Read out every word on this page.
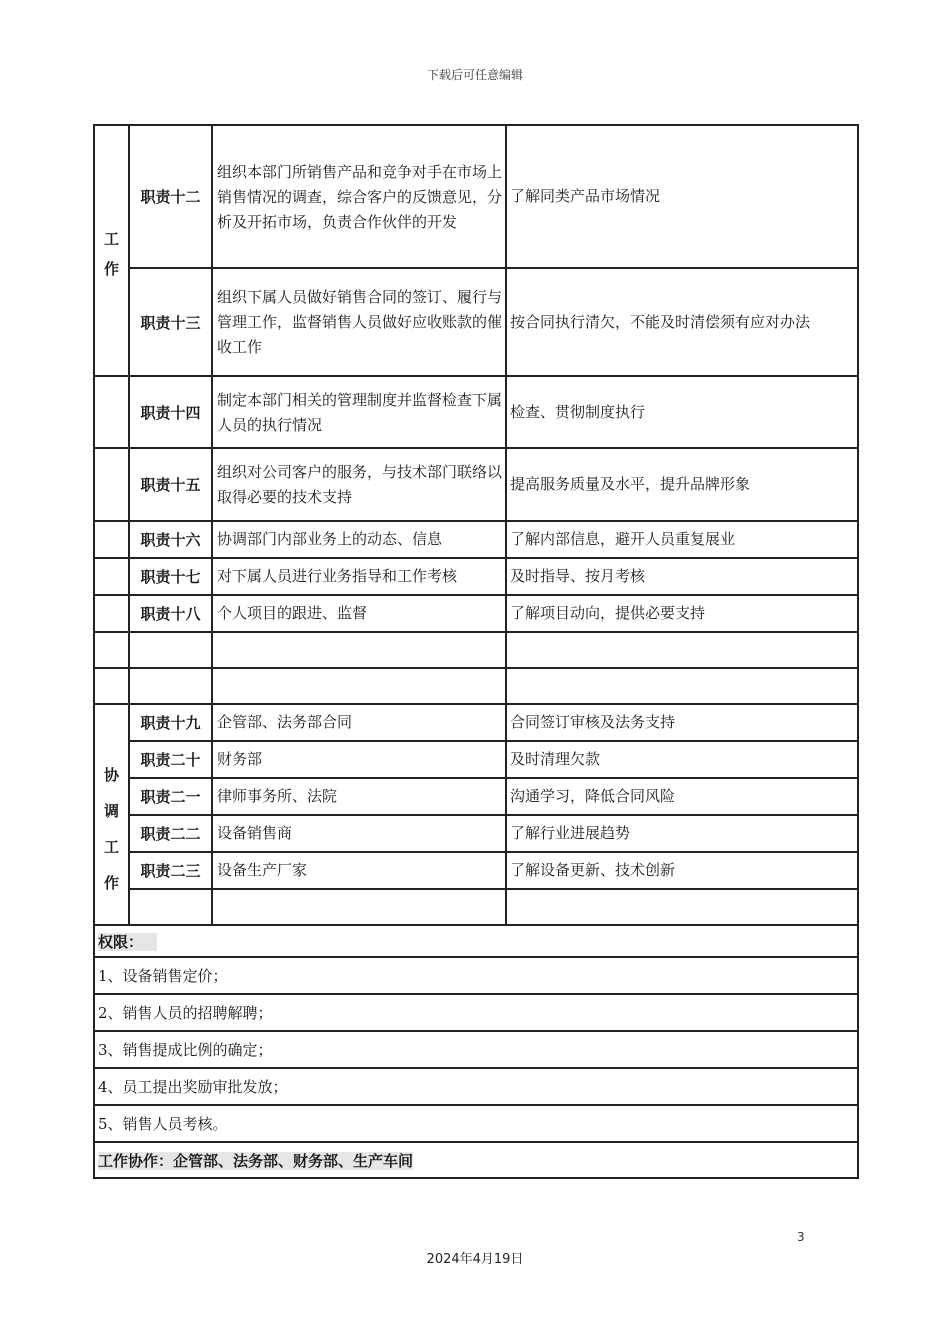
下载后可任意编辑
工作	职责十二	组织本部门所销售产品和竞争对手在市场上销售情况的调查，综合客户的反馈意见，分析及开拓市场，负责合作伙伴的开发	了解同类产品市场情况
	职责十三	组织下属人员做好销售合同的签订、履行与管理工作，监督销售人员做好应收账款的催收工作	按合同执行清欠，不能及时清偿须有应对办法
	职责十四	制定本部门相关的管理制度并监督检查下属人员的执行情况	检查、贯彻制度执行
	职责十五	组织对公司客户的服务，与技术部门联络以取得必要的技术支持	提高服务质量及水平，提升品牌形象
	职责十六	协调部门内部业务上的动态、信息	了解内部信息，避开人员重复展业
	职责十七	对下属人员进行业务指导和工作考核	及时指导、按月考核
	职责十八	个人项目的跟进、监督	了解项目动向，提供必要支持

协调工作	职责十九	企管部、法务部合同	合同签订审核及法务支持
	职责二十	财务部	及时清理欠款
	职责二一	律师事务所、法院	沟通学习，降低合同风险
	职责二二	设备销售商	了解行业进展趋势
	职责二三	设备生产厂家	了解设备更新、技术创新

权限：			
1、设备销售定价；			
2、销售人员的招聘解聘；			
3、销售提成比例的确定；			
4、员工提出奖励审批发放；			
5、销售人员考核。			
工作协作：企管部、法务部、财务部、生产车间			
3
2024年4月19日
